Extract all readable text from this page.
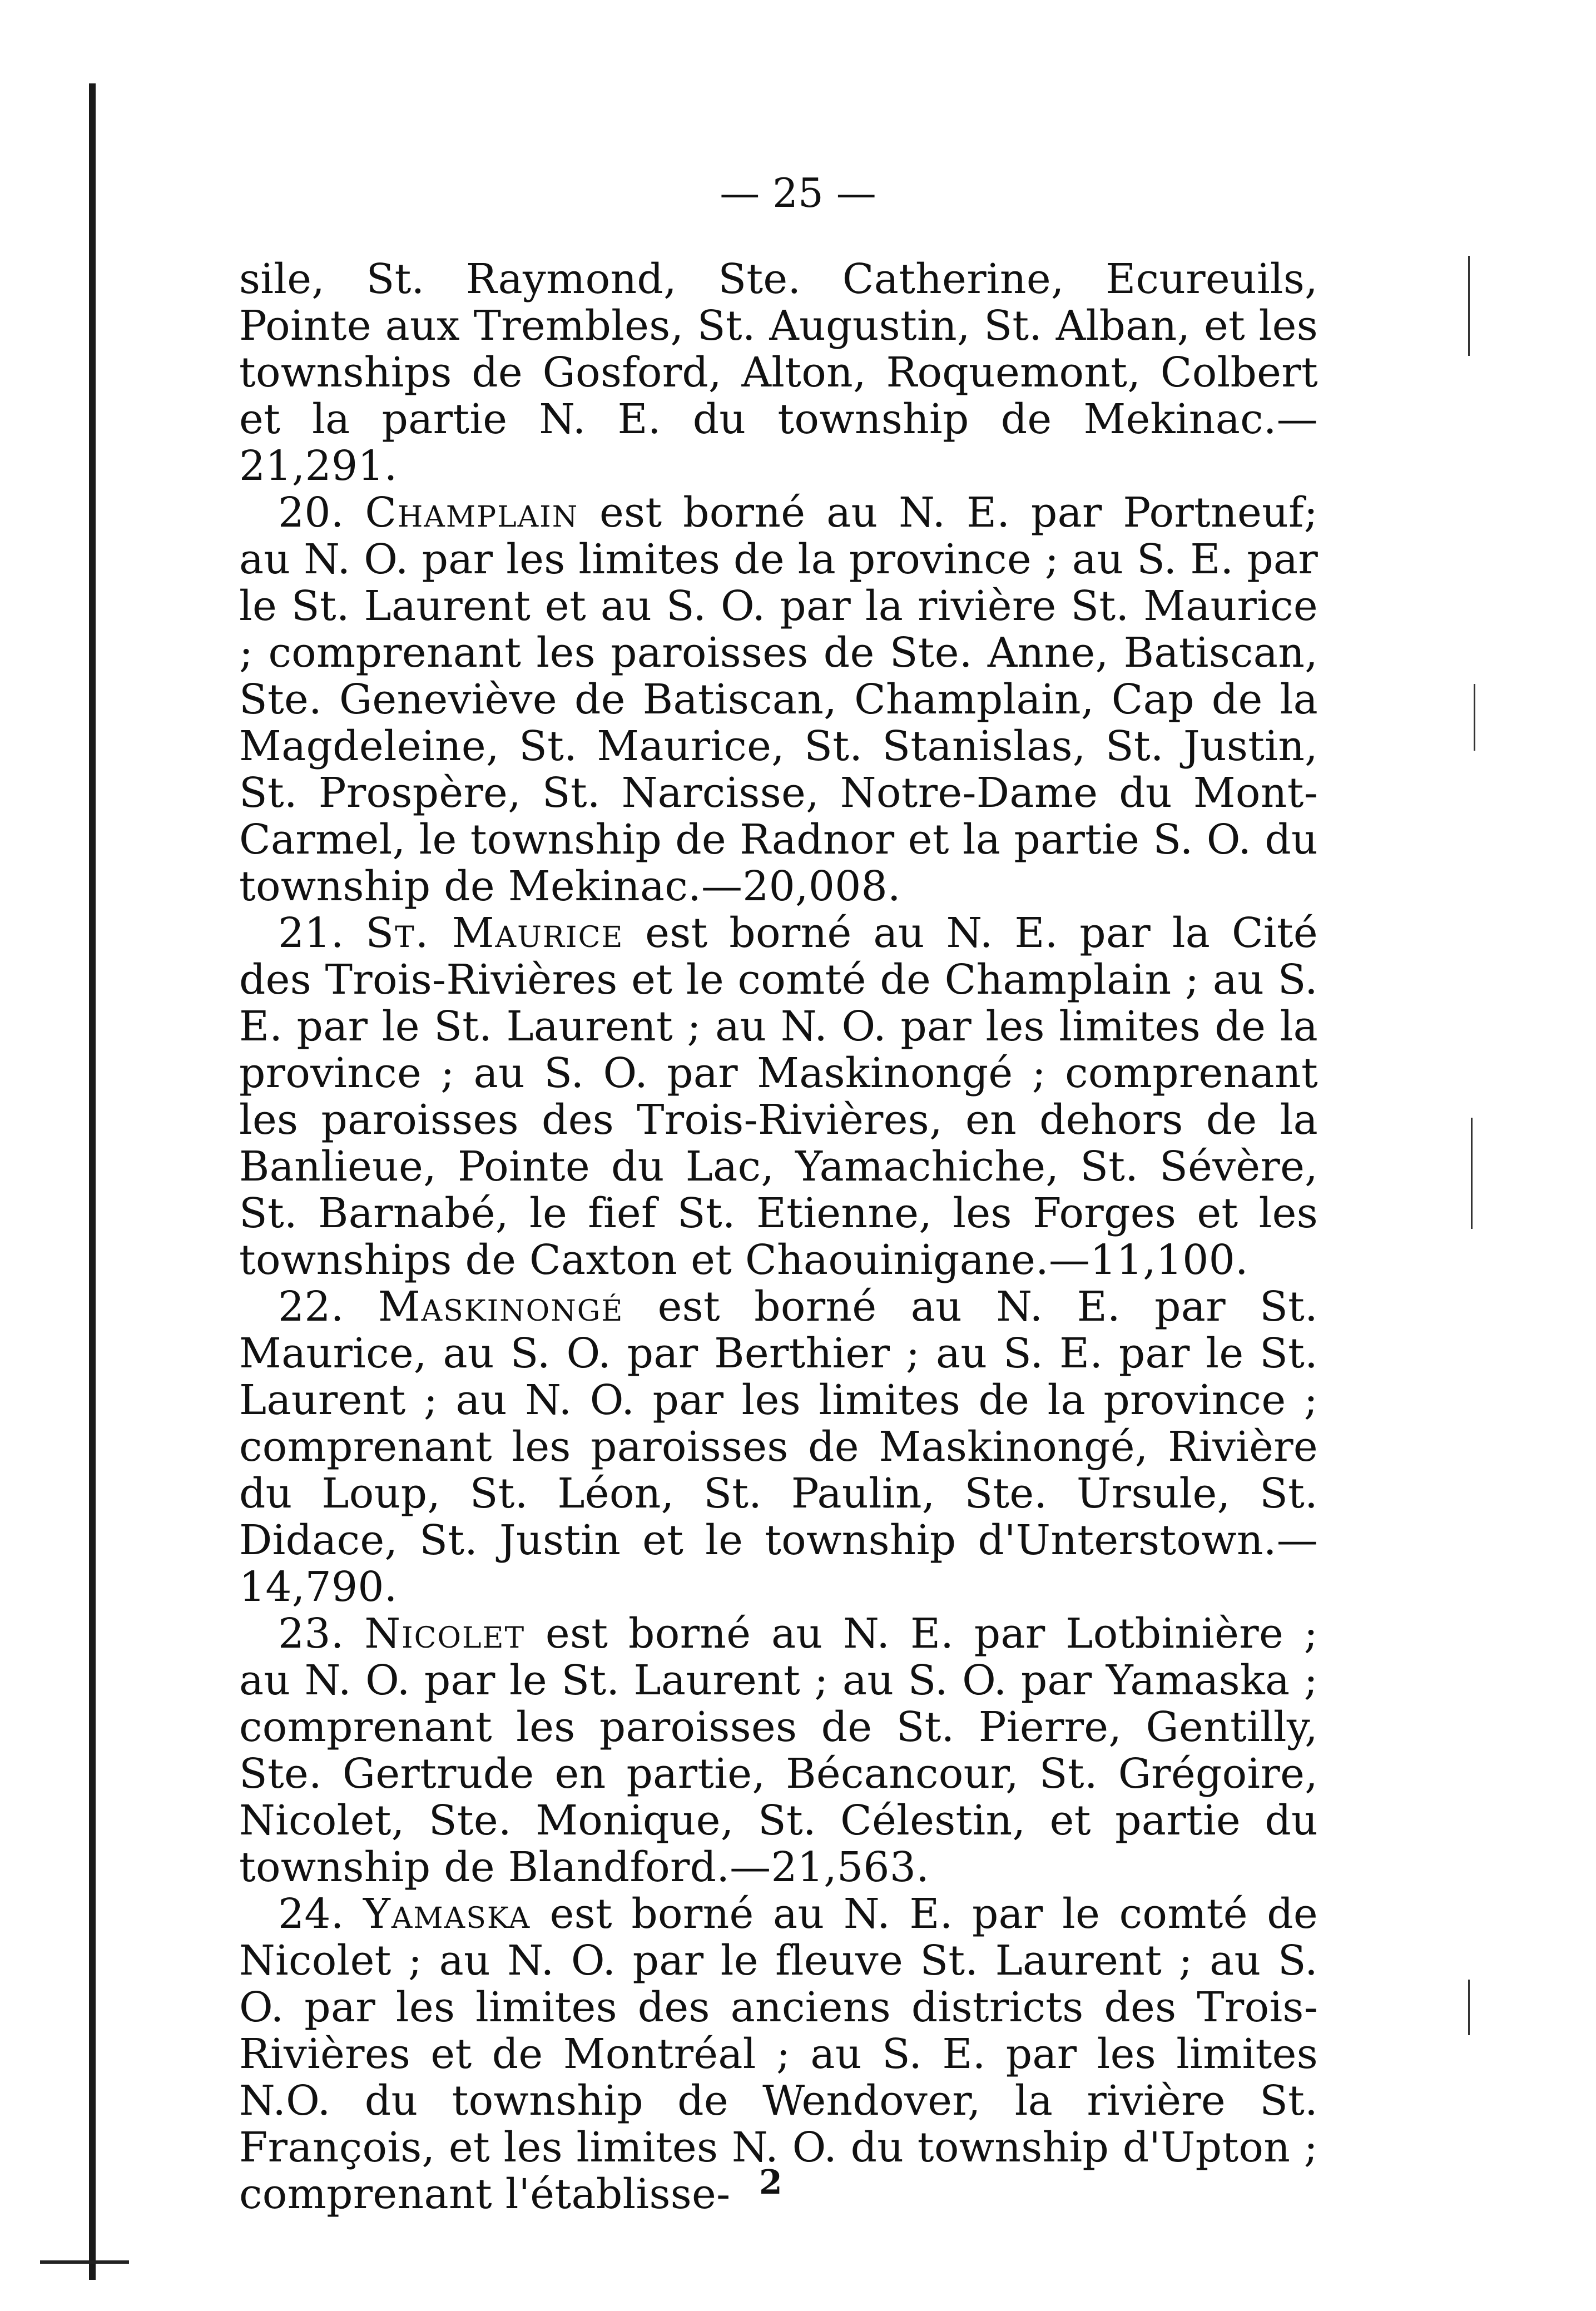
— 25 —

sile, St. Raymond, Ste. Catherine, Ecureuils, Pointe aux Trembles, St. Augustin, St. Alban, et les townships de Gosford, Alton, Roquemont, Colbert et la partie N. E. du township de Mekinac.—21,291.

20. Champlain est borné au N. E. par Portneuf; au N. O. par les limites de la province ; au S. E. par le St. Laurent et au S. O. par la rivière St. Maurice ; comprenant les paroisses de Ste. Anne, Batiscan, Ste. Geneviève de Batiscan, Champlain, Cap de la Magdeleine, St. Maurice, St. Stanislas, St. Justin, St. Prospère, St. Narcisse, Notre-Dame du Mont-Carmel, le township de Radnor et la partie S. O. du township de Mekinac.—20,008.

21. St. Maurice est borné au N. E. par la Cité des Trois-Rivières et le comté de Champlain ; au S. E. par le St. Laurent ; au N. O. par les limites de la province ; au S. O. par Maskinongé ; comprenant les paroisses des Trois-Rivières, en dehors de la Banlieue, Pointe du Lac, Yamachiche, St. Sévère, St. Barnabé, le fief St. Etienne, les Forges et les townships de Caxton et Chaouinigane.—11,100.

22. Maskinongé est borné au N. E. par St. Maurice, au S. O. par Berthier ; au S. E. par le St. Laurent ; au N. O. par les limites de la province ; comprenant les paroisses de Maskinongé, Rivière du Loup, St. Léon, St. Paulin, Ste. Ursule, St. Didace, St. Justin et le township d'Unterstown.—14,790.

23. Nicolet est borné au N. E. par Lotbinière ; au N. O. par le St. Laurent ; au S. O. par Yamaska ; comprenant les paroisses de St. Pierre, Gentilly, Ste. Gertrude en partie, Bécancour, St. Grégoire, Nicolet, Ste. Monique, St. Célestin, et partie du township de Blandford.—21,563.

24. Yamaska est borné au N. E. par le comté de Nicolet ; au N. O. par le fleuve St. Laurent ; au S. O. par les limites des anciens districts des Trois-Rivières et de Montréal ; au S. E. par les limites N.O. du township de Wendover, la rivière St. François, et les limites N. O. du township d'Upton ; comprenant l'établisse- 2
